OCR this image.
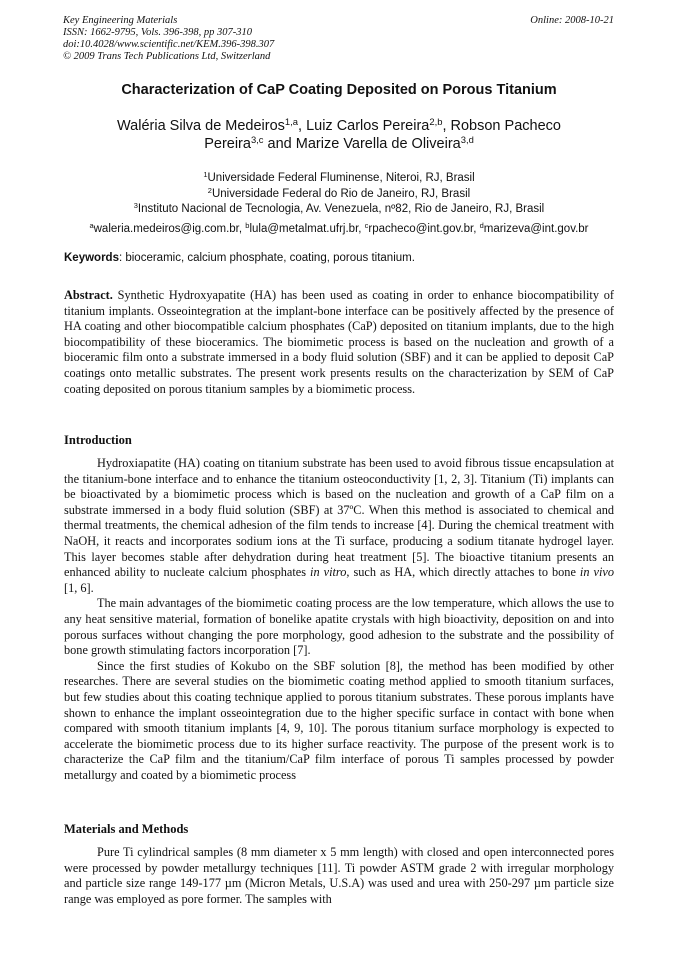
Key Engineering Materials
ISSN: 1662-9795, Vols. 396-398, pp 307-310
doi:10.4028/www.scientific.net/KEM.396-398.307
© 2009 Trans Tech Publications Ltd, Switzerland
Online: 2008-10-21
Characterization of CaP Coating Deposited on Porous Titanium
Waléria Silva de Medeiros$^{1,a}$, Luiz Carlos Pereira$^{2,b}$, Robson Pacheco
Pereira$^{3,c}$ and Marize Varella de Oliveira$^{3,d}$
$^1$Universidade Federal Fluminense, Niteroi, RJ, Brasil
$^2$Universidade Federal do Rio de Janeiro, RJ, Brasil
$^3$Instituto Nacional de Tecnologia, Av. Venezuela, nº82, Rio de Janeiro, RJ, Brasil
$^a$waleria.medeiros@ig.com.br, $^b$lula@metalmat.ufrj.br, $^c$rpacheco@int.gov.br, $^d$marizeva@int.gov.br
Keywords: bioceramic, calcium phosphate, coating, porous titanium.
Abstract. Synthetic Hydroxyapatite (HA) has been used as coating in order to enhance biocompatibility of titanium implants. Osseointegration at the implant-bone interface can be positively affected by the presence of HA coating and other biocompatible calcium phosphates (CaP) deposited on titanium implants, due to the high biocompatibility of these bioceramics. The biomimetic process is based on the nucleation and growth of a bioceramic film onto a substrate immersed in a body fluid solution (SBF) and it can be applied to deposit CaP coatings onto metallic substrates. The present work presents results on the characterization by SEM of CaP coating deposited on porous titanium samples by a biomimetic process.
Introduction

Hydroxiapatite (HA) coating on titanium substrate has been used to avoid fibrous tissue encapsulation at the titanium-bone interface and to enhance the titanium osteoconductivity [1, 2, 3]. Titanium (Ti) implants can be bioactivated by a biomimetic process which is based on the nucleation and growth of a CaP film on a substrate immersed in a body fluid solution (SBF) at 37ºC. When this method is associated to chemical and thermal treatments, the chemical adhesion of the film tends to increase [4]. During the chemical treatment with NaOH, it reacts and incorporates sodium ions at the Ti surface, producing a sodium titanate hydrogel layer. This layer becomes stable after dehydration during heat treatment [5]. The bioactive titanium presents an enhanced ability to nucleate calcium phosphates in vitro, such as HA, which directly attaches to bone in vivo [1, 6].

The main advantages of the biomimetic coating process are the low temperature, which allows the use to any heat sensitive material, formation of bonelike apatite crystals with high bioactivity, deposition on and into porous surfaces without changing the pore morphology, good adhesion to the substrate and the possibility of bone growth stimulating factors incorporation [7].

Since the first studies of Kokubo on the SBF solution [8], the method has been modified by other researches. There are several studies on the biomimetic coating method applied to smooth titanium surfaces, but few studies about this coating technique applied to porous titanium substrates. These porous implants have shown to enhance the implant osseointegration due to the higher specific surface in contact with bone when compared with smooth titanium implants [4, 9, 10]. The porous titanium surface morphology is expected to accelerate the biomimetic process due to its higher surface reactivity. The purpose of the present work is to characterize the CaP film and the titanium/CaP film interface of porous Ti samples processed by powder metallurgy and coated by a biomimetic process

Materials and Methods

Pure Ti cylindrical samples (8 mm diameter x 5 mm length) with closed and open interconnected pores were processed by powder metallurgy techniques [11]. Ti powder ASTM grade 2 with irregular morphology and particle size range 149-177 µm (Micron Metals, U.S.A) was used and urea with 250-297 µm particle size range was employed as pore former. The samples with
